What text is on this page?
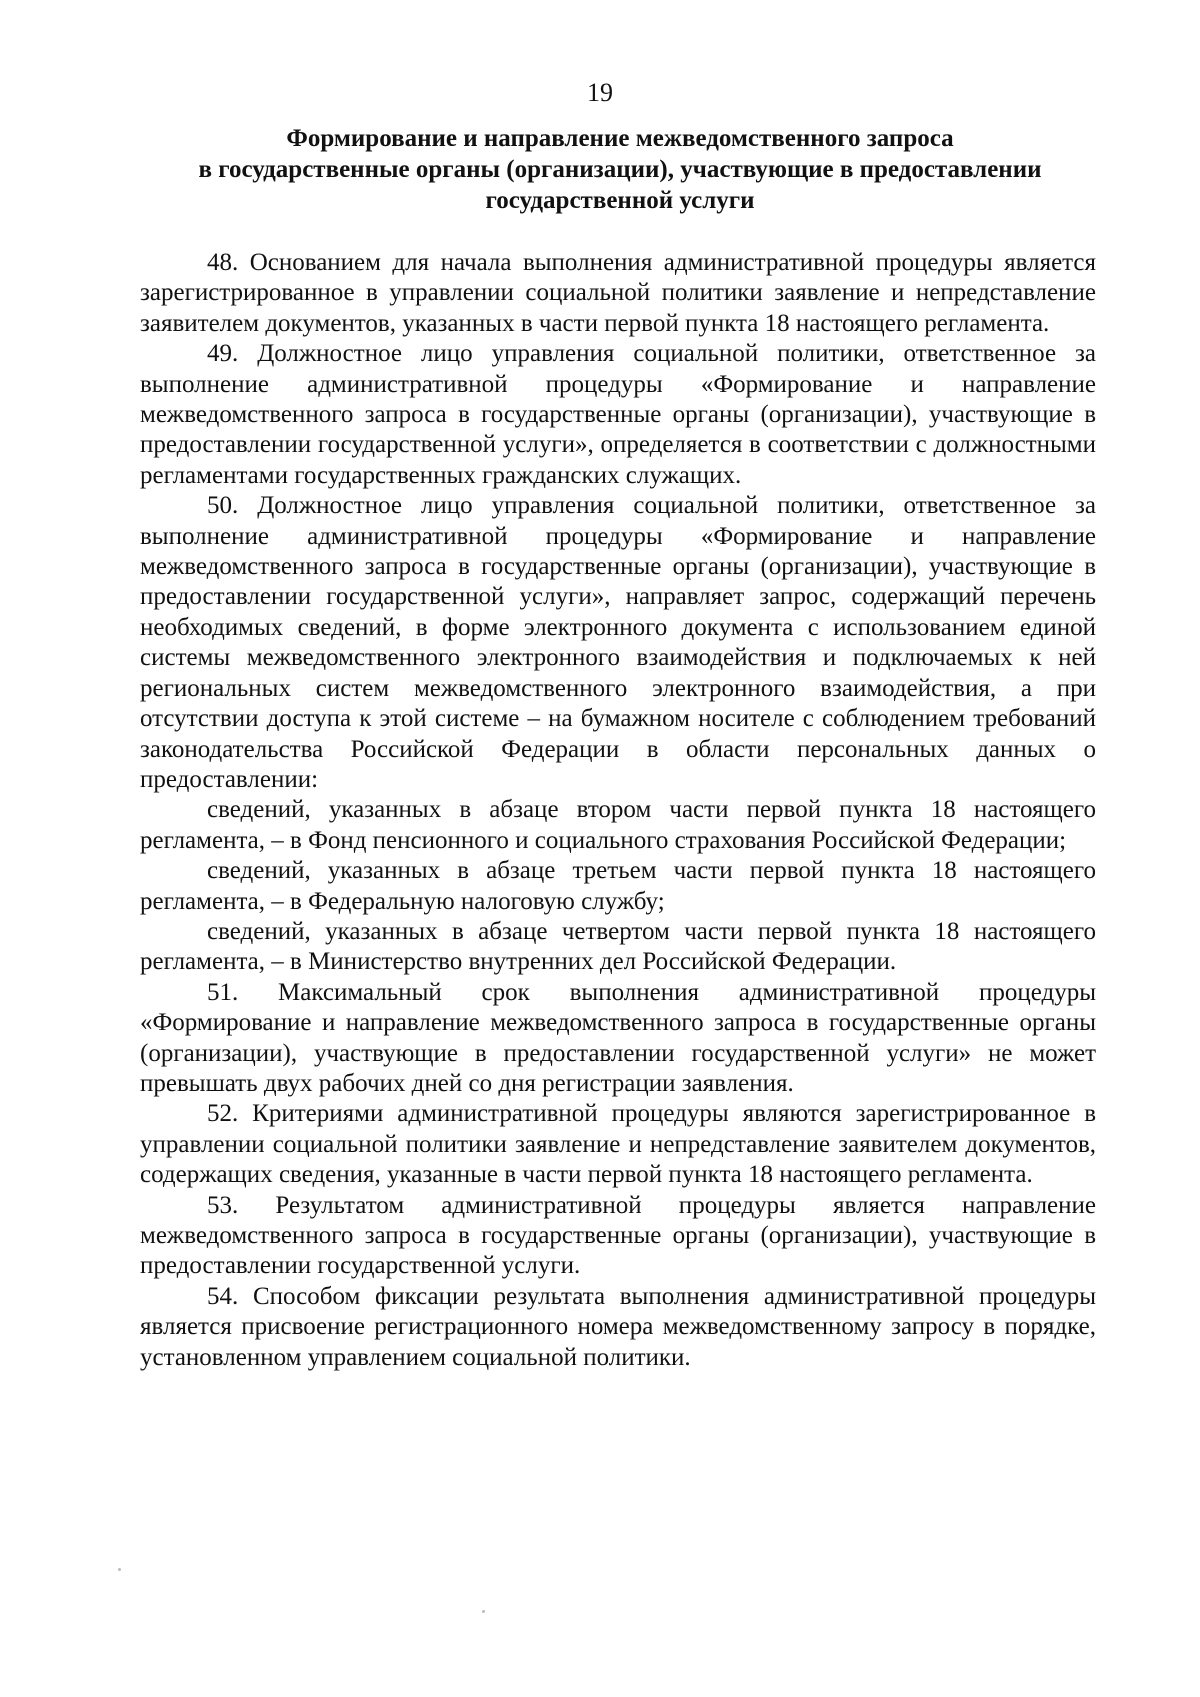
19
Формирование и направление межведомственного запроса
в государственные органы (организации), участвующие в предоставлении
государственной услуги

48. Основанием для начала выполнения административной процедуры является зарегистрированное в управлении социальной политики заявление и непредставление заявителем документов, указанных в части первой пункта 18 настоящего регламента.

49. Должностное лицо управления социальной политики, ответственное за выполнение административной процедуры «Формирование и направление межведомственного запроса в государственные органы (организации), участвующие в предоставлении государственной услуги», определяется в соответствии с должностными регламентами государственных гражданских служащих.

50. Должностное лицо управления социальной политики, ответственное за выполнение административной процедуры «Формирование и направление межведомственного запроса в государственные органы (организации), участвующие в предоставлении государственной услуги», направляет запрос, содержащий перечень необходимых сведений, в форме электронного документа с использованием единой системы межведомственного электронного взаимодействия и подключаемых к ней региональных систем межведомственного электронного взаимодействия, а при отсутствии доступа к этой системе – на бумажном носителе с соблюдением требований законодательства Российской Федерации в области персональных данных о предоставлении:

сведений, указанных в абзаце втором части первой пункта 18 настоящего регламента, – в Фонд пенсионного и социального страхования Российской Федерации;

сведений, указанных в абзаце третьем части первой пункта 18 настоящего регламента, – в Федеральную налоговую службу;

сведений, указанных в абзаце четвертом части первой пункта 18 настоящего регламента, – в Министерство внутренних дел Российской Федерации.

51. Максимальный срок выполнения административной процедуры «Формирование и направление межведомственного запроса в государственные органы (организации), участвующие в предоставлении государственной услуги» не может превышать двух рабочих дней со дня регистрации заявления.

52. Критериями административной процедуры являются зарегистрированное в управлении социальной политики заявление и непредставление заявителем документов, содержащих сведения, указанные в части первой пункта 18 настоящего регламента.

53. Результатом административной процедуры является направление межведомственного запроса в государственные органы (организации), участвующие в предоставлении государственной услуги.

54. Способом фиксации результата выполнения административной процедуры является присвоение регистрационного номера межведомственному запросу в порядке, установленном управлением социальной политики.
